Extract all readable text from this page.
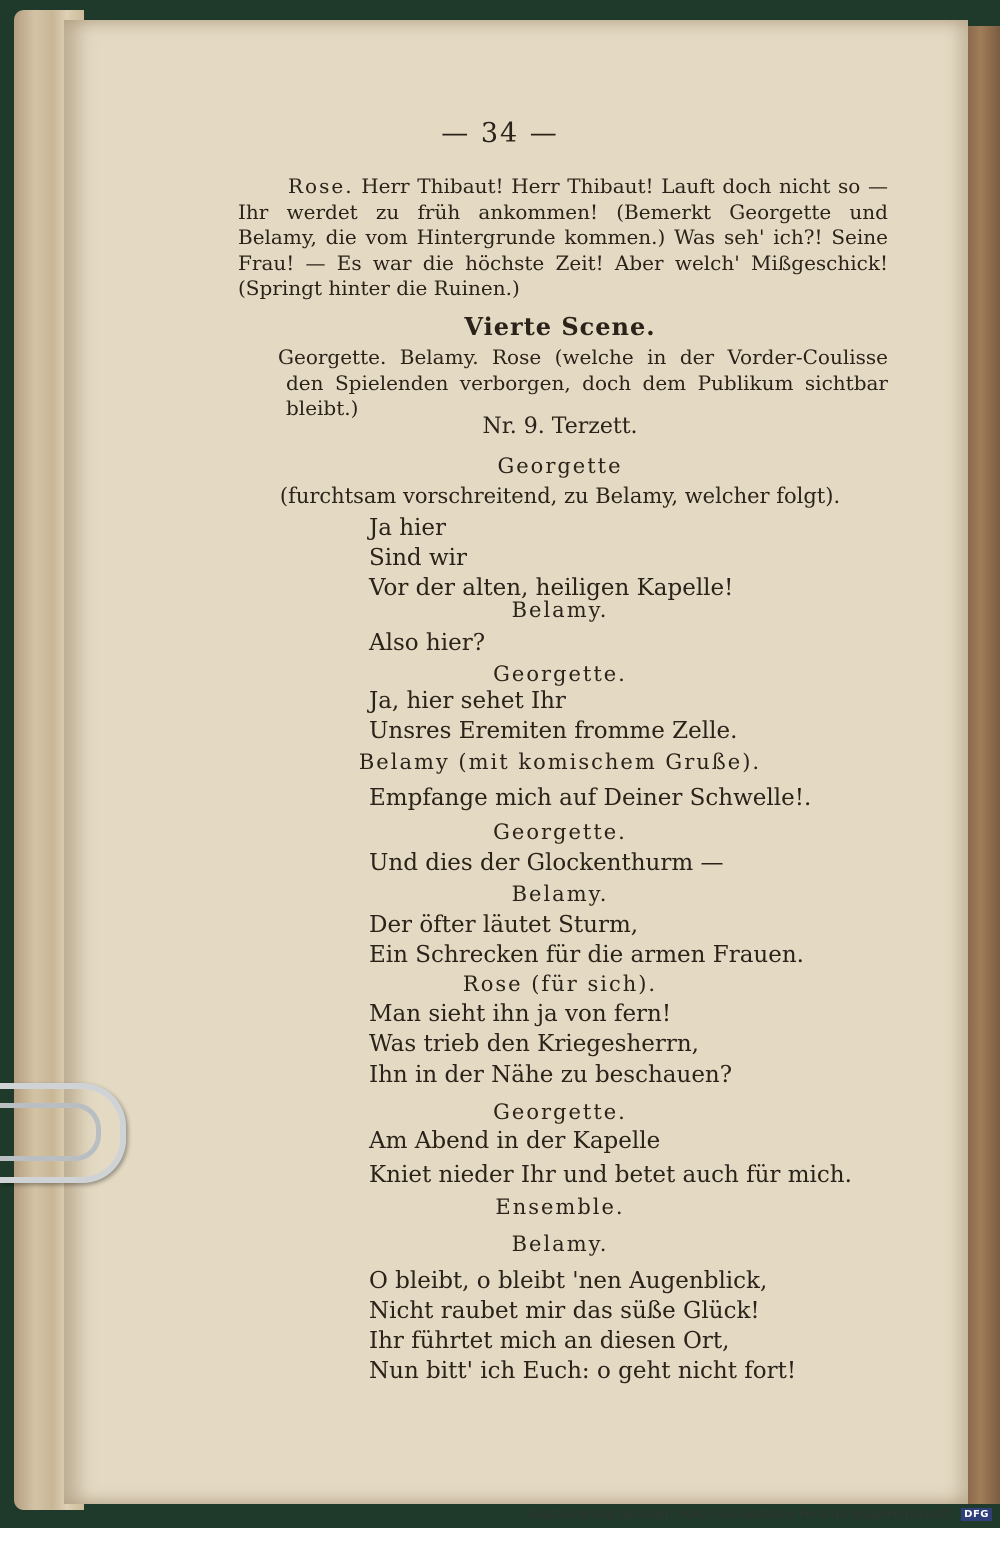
— 34 —

Rose. Herr Thibaut! Herr Thibaut! Lauft doch nicht so — Ihr werdet zu früh ankommen! (Bemerkt Georgette und Belamy, die vom Hintergrunde kommen.) Was seh' ich?! Seine Frau! — Es war die höchste Zeit! Aber welch' Mißgeschick! (Springt hinter die Ruinen.)

Vierte Scene.

Georgette. Belamy. Rose (welche in der Vorder-Coulisse den Spielenden verborgen, doch dem Publikum sichtbar bleibt.)

Nr. 9. Terzett.
Georgette
(furchtsam vorschreitend, zu Belamy, welcher folgt).
Ja hier
Sind wir
Vor der alten, heiligen Kapelle!
Belamy.
Also hier?
Georgette.
Ja, hier sehet Ihr
Unsres Eremiten fromme Zelle.
Belamy (mit komischem Gruße).
Empfange mich auf Deiner Schwelle!.
Georgette.
Und dies der Glockenthurm —
Belamy.
Der öfter läutet Sturm,
Ein Schrecken für die armen Frauen.
Rose (für sich).
Man sieht ihn ja von fern!
Was trieb den Kriegesherrn,
Ihn in der Nähe zu beschauen?
Georgette.
Am Abend in der Kapelle
Kniet nieder Ihr und betet auch für mich.
Ensemble.
Belamy.
O bleibt, o bleibt 'nen Augenblick,
Nicht raubet mir das süße Glück!
Ihr führtet mich an diesen Ort,
Nun bitt' ich Euch: o geht nicht fort!
Digitalisierung gefördert durch die Deutsche Forschungsgemeinschaft - DFG
